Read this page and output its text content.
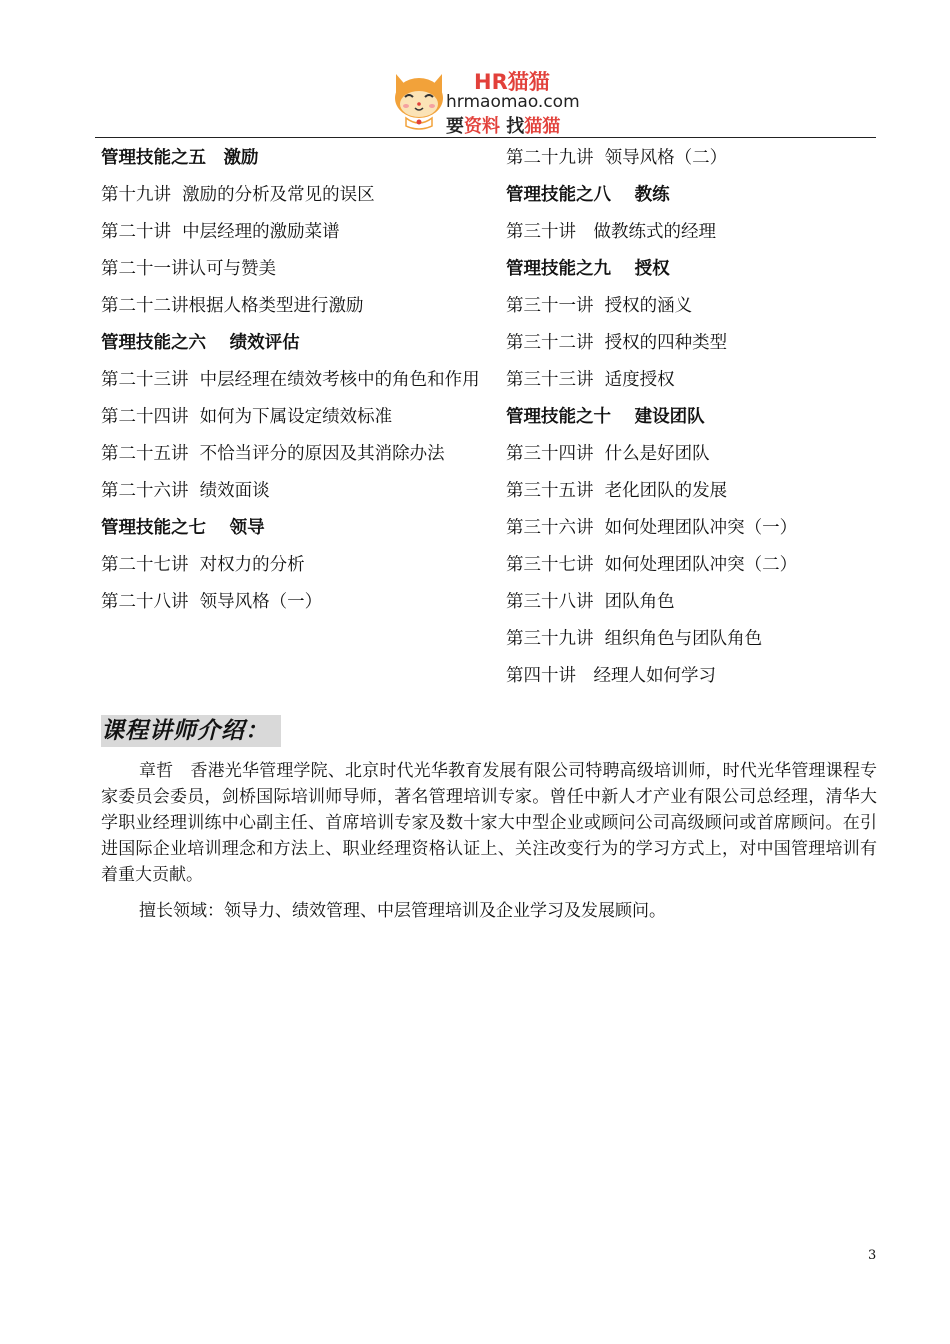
HR猫猫
hrmaomao.com
要资料 找猫猫
管理技能之五　激励
第十九讲  激励的分析及常见的误区
第二十讲  中层经理的激励菜谱
第二十一讲认可与赞美
第二十二讲根据人格类型进行激励
管理技能之六　 绩效评估
第二十三讲  中层经理在绩效考核中的角色和作用
第二十四讲  如何为下属设定绩效标准
第二十五讲  不恰当评分的原因及其消除办法
第二十六讲  绩效面谈
管理技能之七　 领导
第二十七讲  对权力的分析
第二十八讲  领导风格（一）
第二十九讲  领导风格（二）
管理技能之八　 教练
第三十讲　做教练式的经理
管理技能之九　 授权
第三十一讲  授权的涵义
第三十二讲  授权的四种类型
第三十三讲  适度授权
管理技能之十　 建设团队
第三十四讲  什么是好团队
第三十五讲  老化团队的发展
第三十六讲  如何处理团队冲突（一）
第三十七讲  如何处理团队冲突（二）
第三十八讲  团队角色
第三十九讲  组织角色与团队角色
第四十讲　经理人如何学习
课程讲师介绍：
章哲　香港光华管理学院、北京时代光华教育发展有限公司特聘高级培训师，时代光华管理课程专家委员会委员，剑桥国际培训师导师，著名管理培训专家。曾任中新人才产业有限公司总经理，清华大学职业经理训练中心副主任、首席培训专家及数十家大中型企业或顾问公司高级顾问或首席顾问。在引进国际企业培训理念和方法上、职业经理资格认证上、关注改变行为的学习方式上，对中国管理培训有着重大贡献。
擅长领域：领导力、绩效管理、中层管理培训及企业学习及发展顾问。
3
